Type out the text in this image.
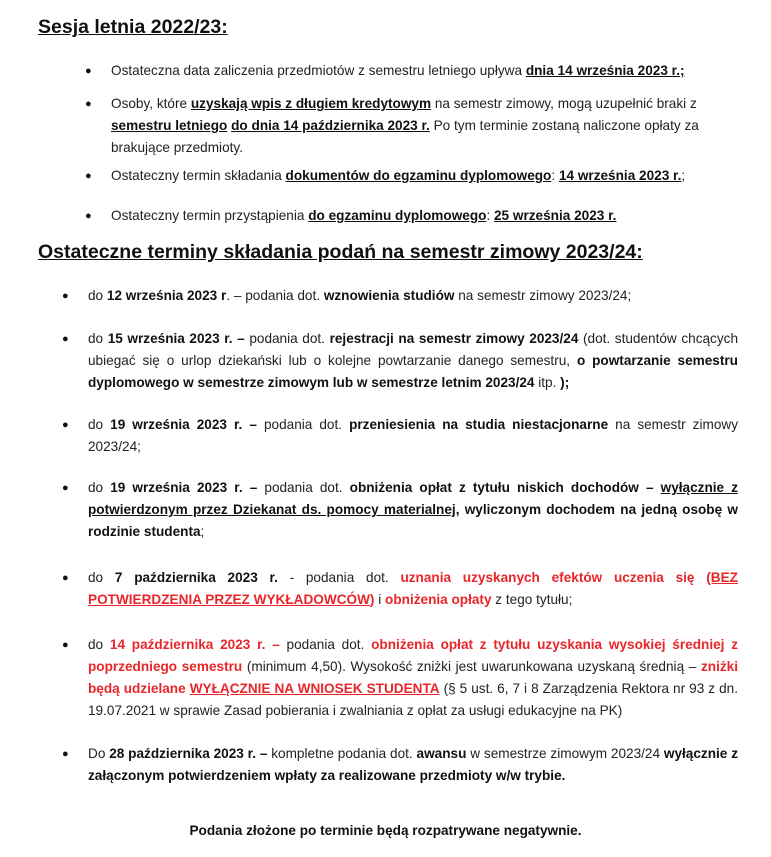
Sesja letnia 2022/23:

● Ostateczna data zaliczenia przedmiotów z semestru letniego upływa dnia 14 września 2023 r.;

● Osoby, które uzyskają wpis z długiem kredytowym na semestr zimowy, mogą uzupełnić braki z semestru letniego do dnia 14 października 2023 r. Po tym terminie zostaną naliczone opłaty za brakujące przedmioty.

● Ostateczny termin składania dokumentów do egzaminu dyplomowego: 14 września 2023 r.;

● Ostateczny termin przystąpienia do egzaminu dyplomowego: 25 września 2023 r.

Ostateczne terminy składania podań na semestr zimowy 2023/24:

● do 12 września 2023 r. – podania dot. wznowienia studiów na semestr zimowy 2023/24;

● do 15 września 2023 r. – podania dot. rejestracji na semestr zimowy 2023/24 (dot. studentów chcących ubiegać się o urlop dziekański lub o kolejne powtarzanie danego semestru, o powtarzanie semestru dyplomowego w semestrze zimowym lub w semestrze letnim 2023/24 itp. );

● do 19 września 2023 r. – podania dot. przeniesienia na studia niestacjonarne na semestr zimowy 2023/24;

● do 19 września 2023 r. – podania dot. obniżenia opłat z tytułu niskich dochodów – wyłącznie z potwierdzonym przez Dziekanat ds. pomocy materialnej, wyliczonym dochodem na jedną osobę w rodzinie studenta;

● do 7 października 2023 r. - podania dot. uznania uzyskanych efektów uczenia się (BEZ POTWIERDZENIA PRZEZ WYKŁADOWCÓW) i obniżenia opłaty z tego tytułu;

● do 14 października 2023 r. – podania dot. obniżenia opłat z tytułu uzyskania wysokiej średniej z poprzedniego semestru (minimum 4,50). Wysokość zniżki jest uwarunkowana uzyskaną średnią – zniżki będą udzielane WYŁĄCZNIE NA WNIOSEK STUDENTA (§ 5 ust. 6, 7 i 8 Zarządzenia Rektora nr 93 z dn. 19.07.2021 w sprawie Zasad pobierania i zwalniania z opłat za usługi edukacyjne na PK)

● Do 28 października 2023 r. – kompletne podania dot. awansu w semestrze zimowym 2023/24 wyłącznie z załączonym potwierdzeniem wpłaty za realizowane przedmioty w/w trybie.

Podania złożone po terminie będą rozpatrywane negatywnie.
